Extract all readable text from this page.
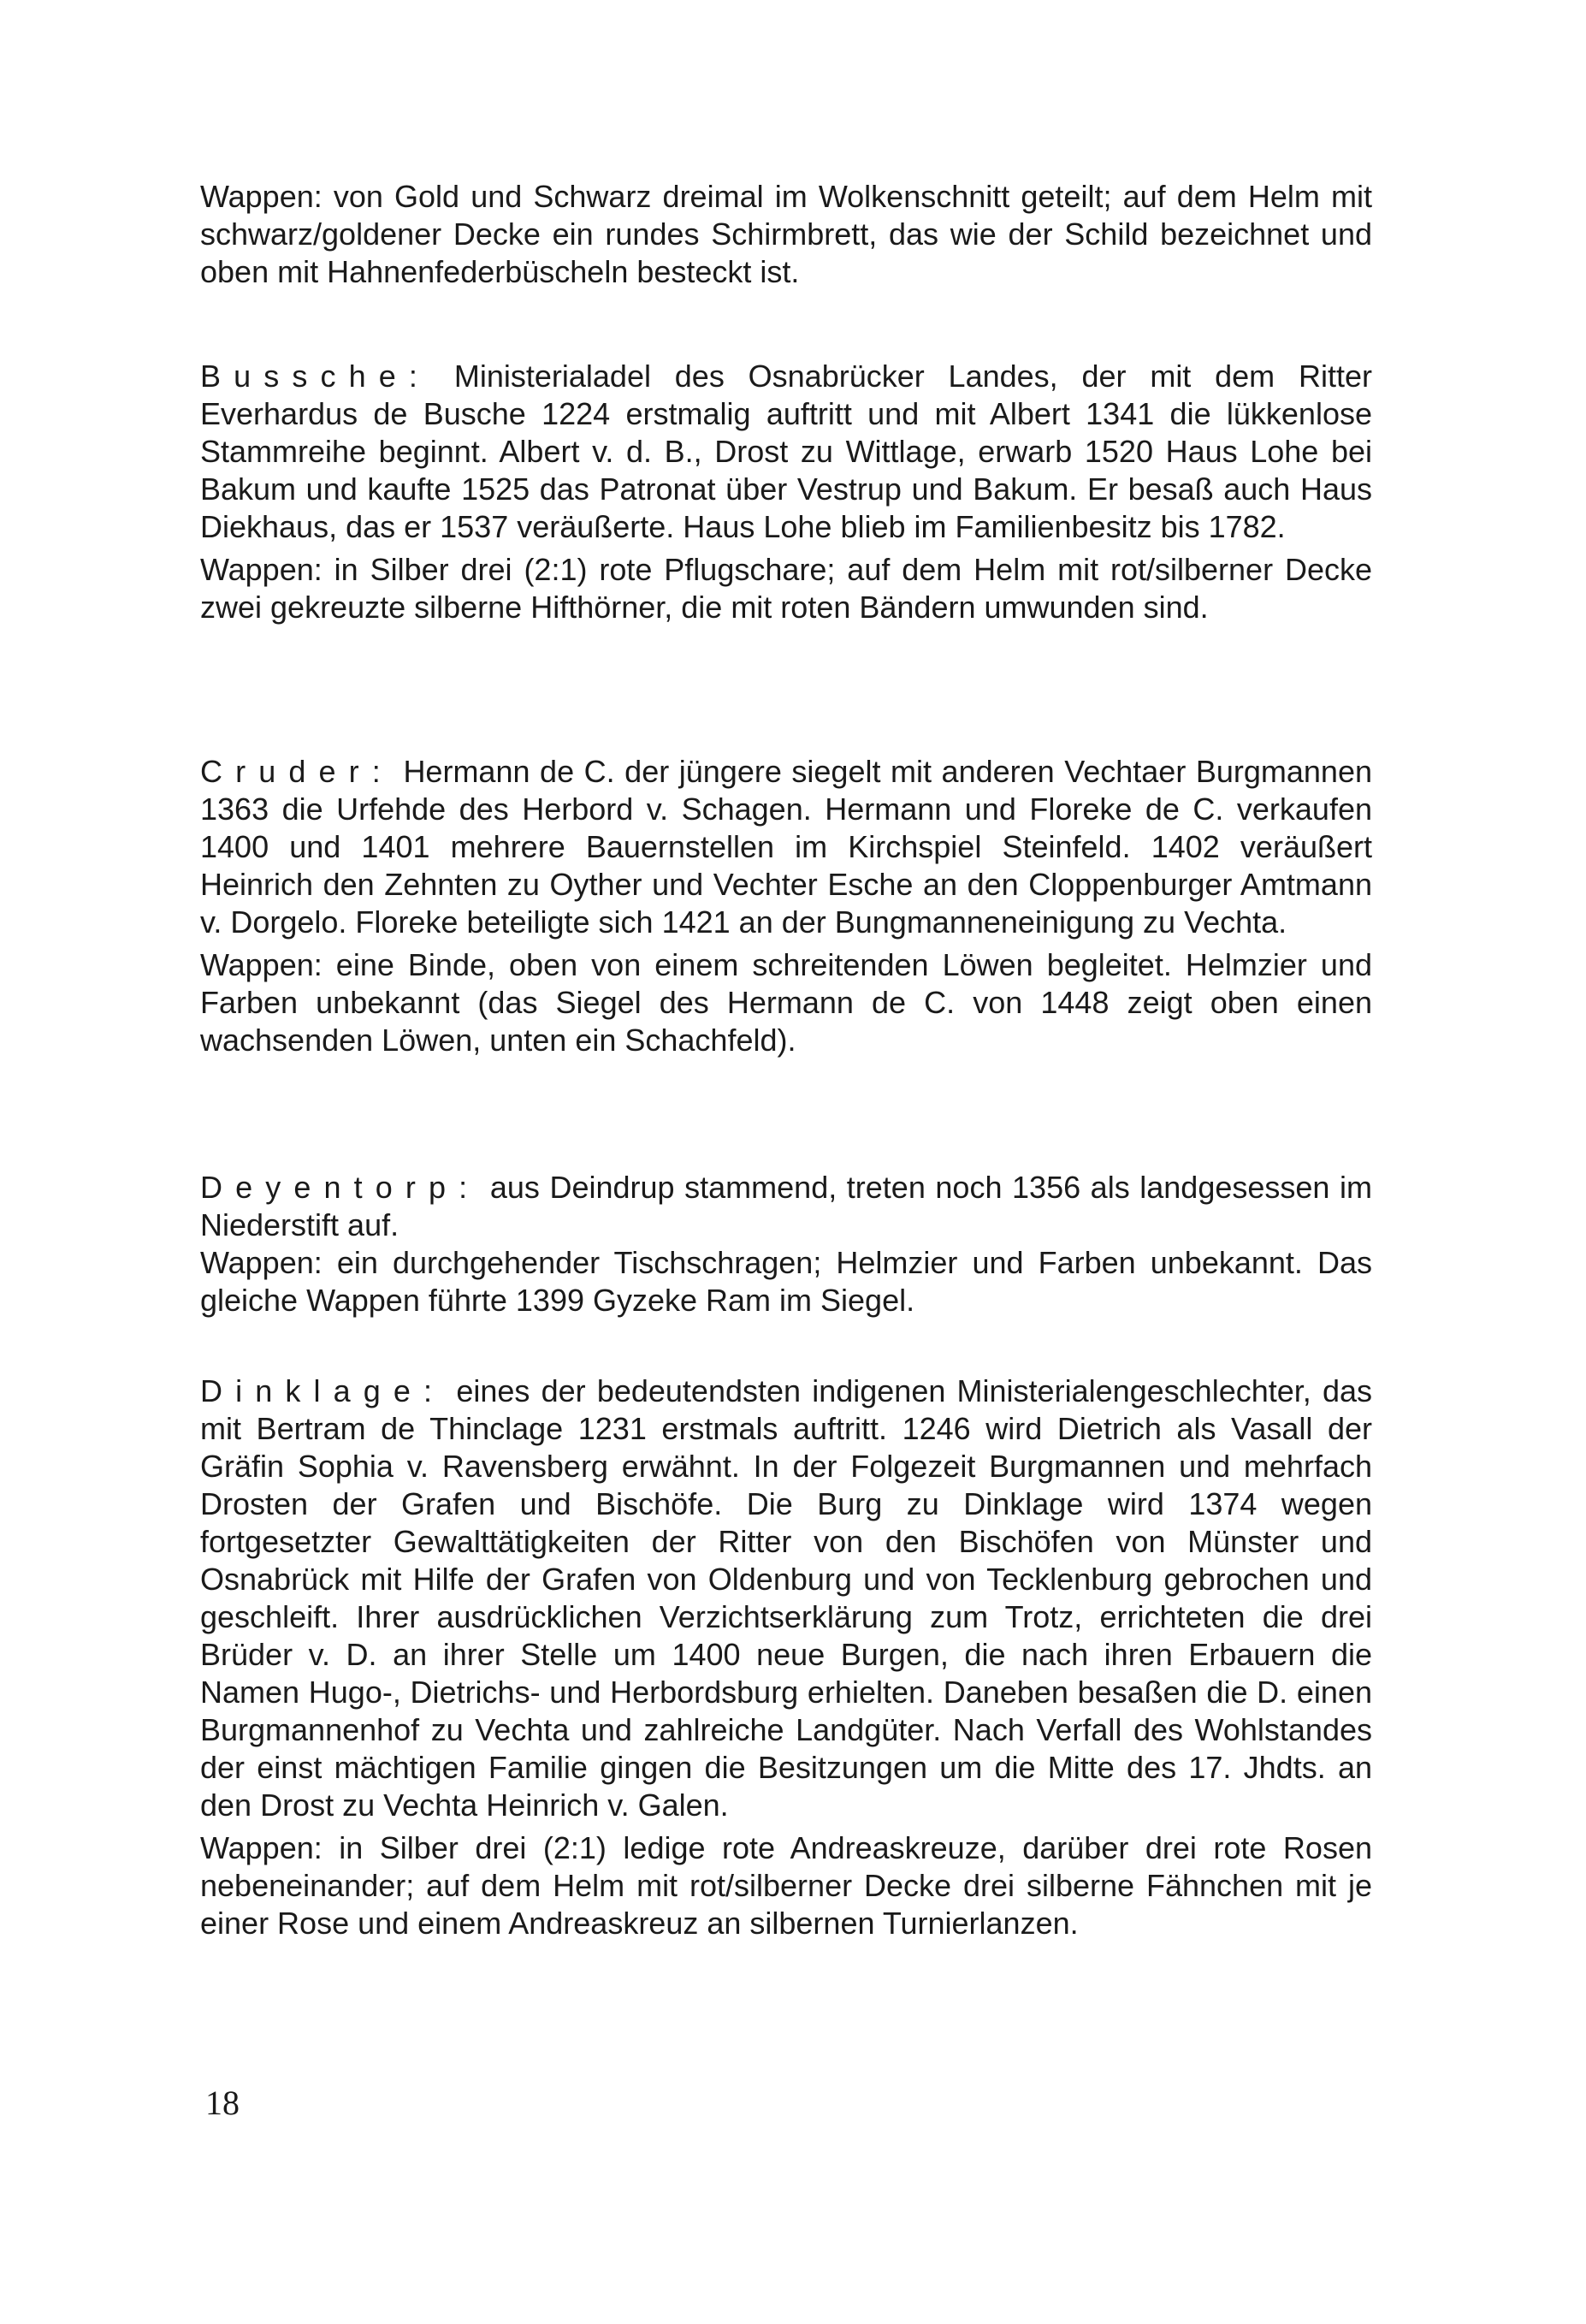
Wappen: von Gold und Schwarz dreimal im Wolkenschnitt geteilt; auf dem Helm mit schwarz/goldener Decke ein rundes Schirmbrett, das wie der Schild bezeichnet und oben mit Hahnenfederbüscheln besteckt ist.

Bussche: Ministerialadel des Osnabrücker Landes, der mit dem Ritter Everhardus de Busche 1224 erstmalig auftritt und mit Albert 1341 die lükkenlose Stammreihe beginnt. Albert v. d. B., Drost zu Wittlage, erwarb 1520 Haus Lohe bei Bakum und kaufte 1525 das Patronat über Vestrup und Bakum. Er besaß auch Haus Diekhaus, das er 1537 veräußerte. Haus Lohe blieb im Familienbesitz bis 1782.

Wappen: in Silber drei (2:1) rote Pflugschare; auf dem Helm mit rot/silberner Decke zwei gekreuzte silberne Hifthörner, die mit roten Bändern umwunden sind.

Cruder: Hermann de C. der jüngere siegelt mit anderen Vechtaer Burgmannen 1363 die Urfehde des Herbord v. Schagen. Hermann und Floreke de C. verkaufen 1400 und 1401 mehrere Bauernstellen im Kirchspiel Steinfeld. 1402 veräußert Heinrich den Zehnten zu Oyther und Vechter Esche an den Cloppenburger Amtmann v. Dorgelo. Floreke beteiligte sich 1421 an der Bungmanneneinigung zu Vechta.

Wappen: eine Binde, oben von einem schreitenden Löwen begleitet. Helmzier und Farben unbekannt (das Siegel des Hermann de C. von 1448 zeigt oben einen wachsenden Löwen, unten ein Schachfeld).

Deyentorp: aus Deindrup stammend, treten noch 1356 als landgesessen im Niederstift auf.

Wappen: ein durchgehender Tischschragen; Helmzier und Farben unbekannt. Das gleiche Wappen führte 1399 Gyzeke Ram im Siegel.

Dinklage: eines der bedeutendsten indigenen Ministerialengeschlechter, das mit Bertram de Thinclage 1231 erstmals auftritt. 1246 wird Dietrich als Vasall der Gräfin Sophia v. Ravensberg erwähnt. In der Folgezeit Burgmannen und mehrfach Drosten der Grafen und Bischöfe. Die Burg zu Dinklage wird 1374 wegen fortgesetzter Gewalttätigkeiten der Ritter von den Bischöfen von Münster und Osnabrück mit Hilfe der Grafen von Oldenburg und von Tecklenburg gebrochen und geschleift. Ihrer ausdrücklichen Verzichtserklärung zum Trotz, errichteten die drei Brüder v. D. an ihrer Stelle um 1400 neue Burgen, die nach ihren Erbauern die Namen Hugo-, Dietrichs- und Herbordsburg erhielten. Daneben besaßen die D. einen Burgmannenhof zu Vechta und zahlreiche Landgüter. Nach Verfall des Wohlstandes der einst mächtigen Familie gingen die Besitzungen um die Mitte des 17. Jhdts. an den Drost zu Vechta Heinrich v. Galen.

Wappen: in Silber drei (2:1) ledige rote Andreaskreuze, darüber drei rote Rosen nebeneinander; auf dem Helm mit rot/silberner Decke drei silberne Fähnchen mit je einer Rose und einem Andreaskreuz an silbernen Turnierlanzen.

18
